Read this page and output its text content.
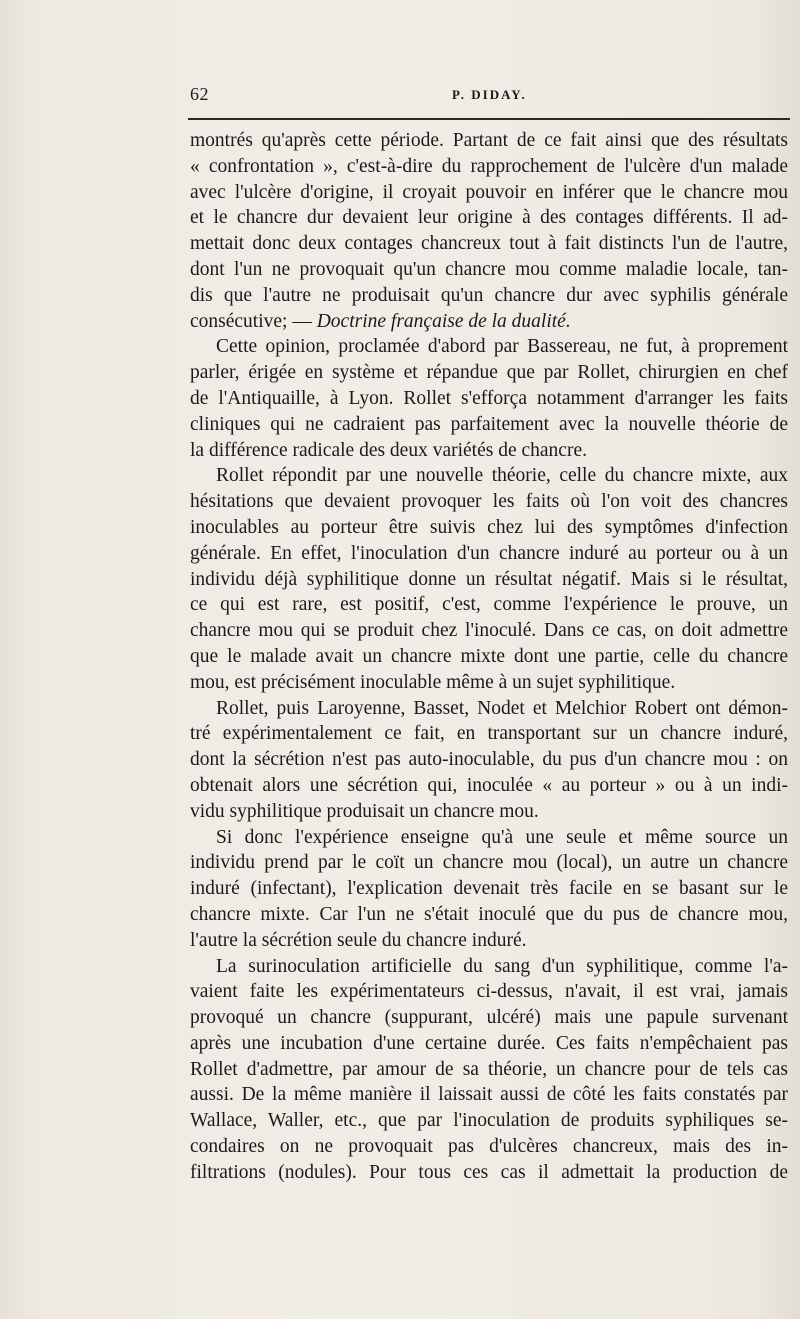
62	P. DIDAY.
montrés qu'après cette période. Partant de ce fait ainsi que des résultats
« confrontation », c'est-à-dire du rapprochement de l'ulcère d'un malade
avec l'ulcère d'origine, il croyait pouvoir en inférer que le chancre mou
et le chancre dur devaient leur origine à des contages différents. Il ad-
mettait donc deux contages chancreux tout à fait distincts l'un de l'autre,
dont l'un ne provoquait qu'un chancre mou comme maladie locale, tan-
dis que l'autre ne produisait qu'un chancre dur avec syphilis générale
consécutive; — Doctrine française de la dualité.
Cette opinion, proclamée d'abord par Bassereau, ne fut, à proprement
parler, érigée en système et répandue que par Rollet, chirurgien en chef
de l'Antiquaille, à Lyon. Rollet s'efforça notamment d'arranger les faits
cliniques qui ne cadraient pas parfaitement avec la nouvelle théorie de
la différence radicale des deux variétés de chancre.
Rollet répondit par une nouvelle théorie, celle du chancre mixte, aux
hésitations que devaient provoquer les faits où l'on voit des chancres
inoculables au porteur être suivis chez lui des symptômes d'infection
générale. En effet, l'inoculation d'un chancre induré au porteur ou à un
individu déjà syphilitique donne un résultat négatif. Mais si le résultat,
ce qui est rare, est positif, c'est, comme l'expérience le prouve, un
chancre mou qui se produit chez l'inoculé. Dans ce cas, on doit admettre
que le malade avait un chancre mixte dont une partie, celle du chancre
mou, est précisément inoculable même à un sujet syphilitique.
Rollet, puis Laroyenne, Basset, Nodet et Melchior Robert ont démon-
tré expérimentalement ce fait, en transportant sur un chancre induré,
dont la sécrétion n'est pas auto-inoculable, du pus d'un chancre mou : on
obtenait alors une sécrétion qui, inoculée « au porteur » ou à un indi-
vidu syphilitique produisait un chancre mou.
Si donc l'expérience enseigne qu'à une seule et même source un
individu prend par le coït un chancre mou (local), un autre un chancre
induré (infectant), l'explication devenait très facile en se basant sur le
chancre mixte. Car l'un ne s'était inoculé que du pus de chancre mou,
l'autre la sécrétion seule du chancre induré.
La surinoculation artificielle du sang d'un syphilitique, comme l'a-
vaient faite les expérimentateurs ci-dessus, n'avait, il est vrai, jamais
provoqué un chancre (suppurant, ulcéré) mais une papule survenant
après une incubation d'une certaine durée. Ces faits n'empêchaient pas
Rollet d'admettre, par amour de sa théorie, un chancre pour de tels cas
aussi. De la même manière il laissait aussi de côté les faits constatés par
Wallace, Waller, etc., que par l'inoculation de produits syphiliques se-
condaires on ne provoquait pas d'ulcères chancreux, mais des in-
filtrations (nodules). Pour tous ces cas il admettait la production de
